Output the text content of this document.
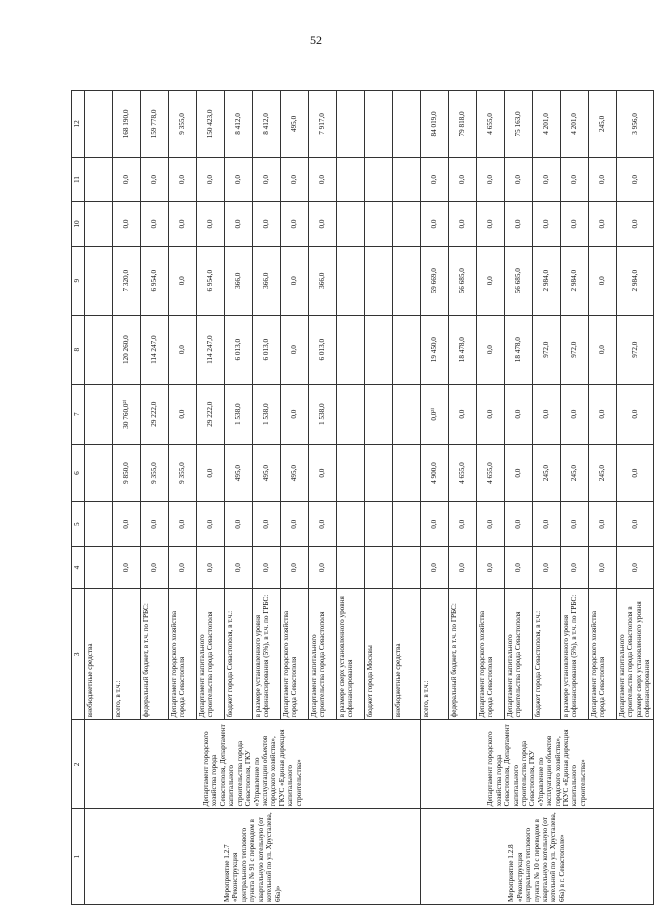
52
1	2	3	4	5	6	7	8	9	10	11	12
Мероприятие 1.2.7 «Реконструкция центрального теплового пункта № 91 с переводом в квартальную котельную (от котельной по ул. Хрусталева, 66а)»	Департамент городского хозяйства города Севастополя, Департамент капитального строительства города Севастополя, ГКУ «Управление по эксплуатации объектов городского хозяйства», ГКУС «Единая дирекция капитального строительства»	внебюджетные средства									
		всего, в т.ч.:	0,0	0,0	9 850,0	30 760,0²⁾	120 260,0	7 320,0	0,0	0,0	168 190,0
		федеральный бюджет, в т.ч. по ГРБС:	0,0	0,0	9 355,0	29 222,0	114 247,0	6 954,0	0,0	0,0	159 778,0
		Департамент городского хозяйства города Севастополя	0,0	0,0	9 355,0	0,0	0,0	0,0	0,0	0,0	9 355,0
		Департамент капитального строительства города Севастополя	0,0	0,0	0,0	29 222,0	114 247,0	6 954,0	0,0	0,0	150 423,0
		бюджет города Севастополя, в т.ч.:	0,0	0,0	495,0	1 538,0	6 013,0	366,0	0,0	0,0	8 412,0
		в размере установленного уровня софинансирования (5%), в т.ч. по ГРБС:	0,0	0,0	495,0	1 538,0	6 013,0	366,0	0,0	0,0	8 412,0
		Департамент городского хозяйства города Севастополя	0,0	0,0	495,0	0,0	0,0	0,0	0,0	0,0	495,0
		Департамент капитального строительства города Севастополя	0,0	0,0	0,0	1 538,0	6 013,0	366,0	0,0	0,0	7 917,0
		в размере сверх установленного уровня софинансирования									
		бюджет города Москвы									
		внебюджетные средства									
Мероприятие 1.2.8 «Реконструкция центрального теплового пункта № 10 с переводом в квартальную котельную (от котельной по ул. Хрусталева, 66а) в г. Севастополе»	Департамент городского хозяйства города Севастополя, Департамент капитального строительства города Севастополя, ГКУ «Управление по эксплуатации объектов городского хозяйства», ГКУС «Единая дирекция капитального строительства»	всего, в т.ч.:	0,0	0,0	4 900,0	0,0³⁾	19 450,0	59 669,0	0,0	0,0	84 019,0
		федеральный бюджет, в т.ч. по ГРБС:	0,0	0,0	4 655,0	0,0	18 478,0	56 685,0	0,0	0,0	79 818,0
		Департамент городского хозяйства города Севастополя	0,0	0,0	4 655,0	0,0	0,0	0,0	0,0	0,0	4 655,0
		Департамент капитального строительства города Севастополя	0,0	0,0	0,0	0,0	18 478,0	56 685,0	0,0	0,0	75 163,0
		бюджет города Севастополя, в т.ч.:	0,0	0,0	245,0	0,0	972,0	2 984,0	0,0	0,0	4 201,0
		в размере установленного уровня софинансирования (5%), в т.ч. по ГРБС:	0,0	0,0	245,0	0,0	972,0	2 984,0	0,0	0,0	4 201,0
		Департамент городского хозяйства города Севастополя	0,0	0,0	245,0	0,0	0,0	0,0	0,0	0,0	245,0
		Департамент капитального строительства города Севастополя в размере сверх установленного уровня софинансирования	0,0	0,0	0,0	0,0	972,0	2 984,0	0,0	0,0	3 956,0
